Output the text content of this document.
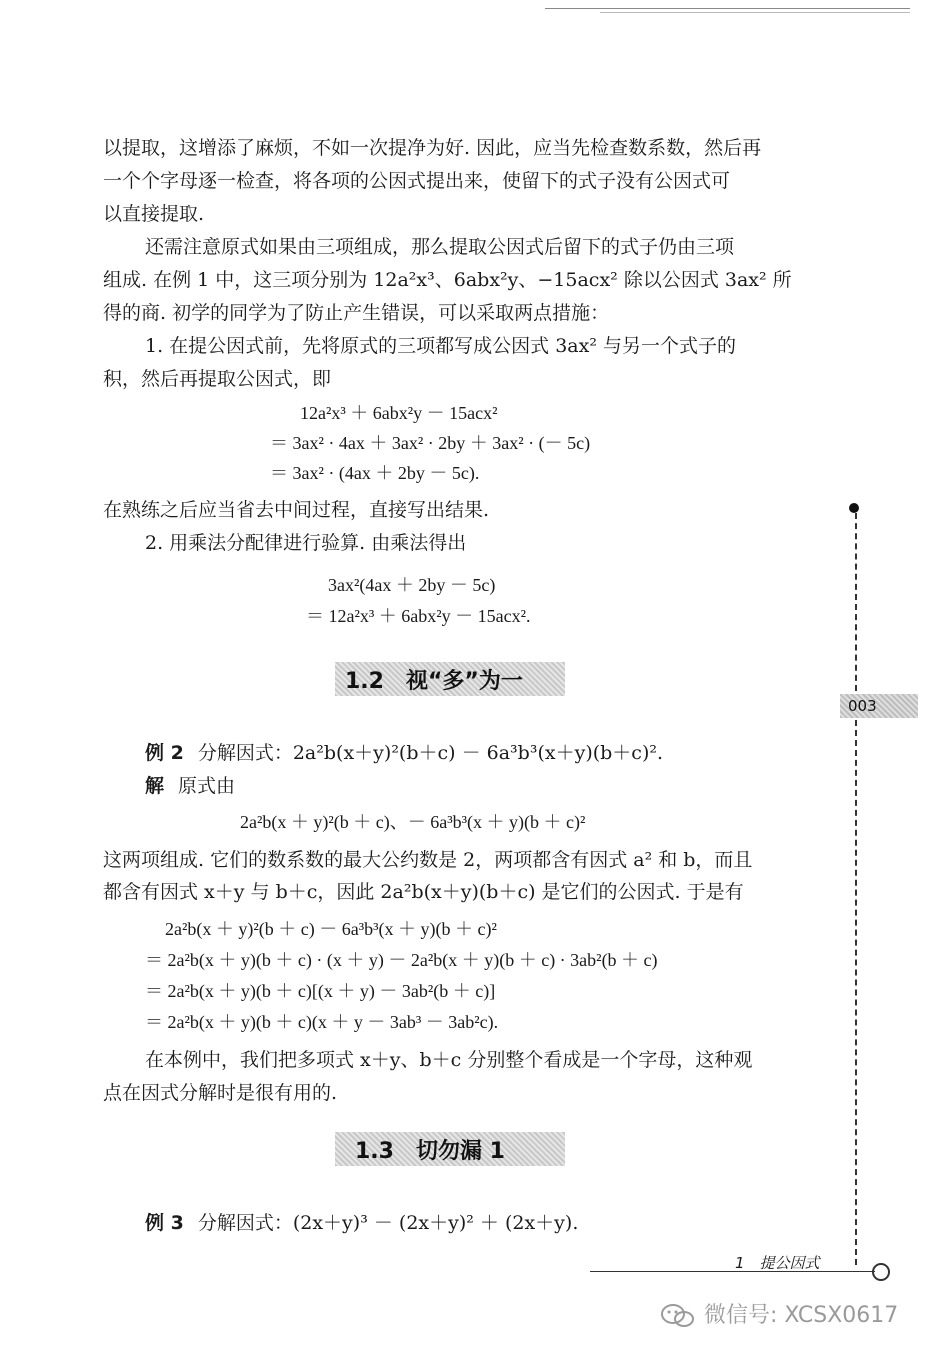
以提取，这增添了麻烦，不如一次提净为好. 因此，应当先检查数系数，然后再
一个个字母逐一检查，将各项的公因式提出来，使留下的式子没有公因式可
以直接提取.
还需注意原式如果由三项组成，那么提取公因式后留下的式子仍由三项
组成. 在例 1 中，这三项分别为 12a²x³、6abx²y、−15acx² 除以公因式 3ax² 所
得的商. 初学的同学为了防止产生错误，可以采取两点措施：
1. 在提公因式前，先将原式的三项都写成公因式 3ax² 与另一个式子的
积，然后再提取公因式，即
12a²x³ ＋ 6abx²y － 15acx²
＝ 3ax² · 4ax ＋ 3ax² · 2by ＋ 3ax² · (－ 5c)
＝ 3ax² · (4ax ＋ 2by － 5c).
在熟练之后应当省去中间过程，直接写出结果.
2. 用乘法分配律进行验算. 由乘法得出
3ax²(4ax ＋ 2by － 5c)
＝ 12a²x³ ＋ 6abx²y － 15acx².
1.2　视“多”为一
例 2 分解因式：2a²b(x＋y)²(b＋c) － 6a³b³(x＋y)(b＋c)².
解 原式由
2a²b(x ＋ y)²(b ＋ c)、－ 6a³b³(x ＋ y)(b ＋ c)²
这两项组成. 它们的数系数的最大公约数是 2，两项都含有因式 a² 和 b，而且
都含有因式 x＋y 与 b＋c，因此 2a²b(x＋y)(b＋c) 是它们的公因式. 于是有
2a²b(x ＋ y)²(b ＋ c) － 6a³b³(x ＋ y)(b ＋ c)²
＝ 2a²b(x ＋ y)(b ＋ c) · (x ＋ y) － 2a²b(x ＋ y)(b ＋ c) · 3ab²(b ＋ c)
＝ 2a²b(x ＋ y)(b ＋ c)[(x ＋ y) － 3ab²(b ＋ c)]
＝ 2a²b(x ＋ y)(b ＋ c)(x ＋ y － 3ab³ － 3ab²c).
在本例中，我们把多项式 x＋y、b＋c 分别整个看成是一个字母，这种观
点在因式分解时是很有用的.
1.3　切勿漏 1
例 3 分解因式：(2x＋y)³ － (2x＋y)² ＋ (2x＋y).
003
1　提公因式
微信号: XCSX0617
